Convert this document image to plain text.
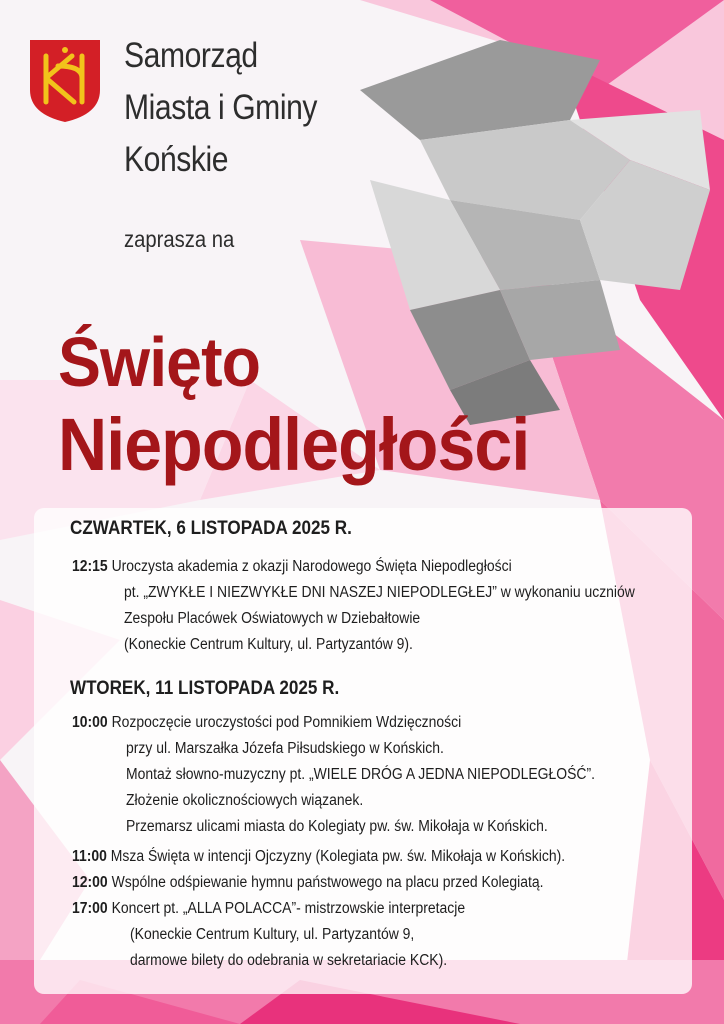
Samorząd
Miasta i Gminy
Końskie
zaprasza na
Święto
Niepodległości
CZWARTEK, 6 LISTOPADA 2025 R.
12:15 Uroczysta akademia z okazji Narodowego Święta Niepodległości
pt. „ZWYKŁE I NIEZWYKŁE DNI NASZEJ NIEPODLEGŁEJ” w wykonaniu uczniów
Zespołu Placówek Oświatowych w Dziebałtowie
(Koneckie Centrum Kultury, ul. Partyzantów 9).
WTOREK, 11 LISTOPADA 2025 R.
10:00 Rozpoczęcie uroczystości pod Pomnikiem Wdzięczności
przy ul. Marszałka Józefa Piłsudskiego w Końskich.
Montaż słowno-muzyczny pt. „WIELE DRÓG A JEDNA NIEPODLEGŁOŚĆ”.
Złożenie okolicznościowych wiązanek.
Przemarsz ulicami miasta do Kolegiaty pw. św. Mikołaja w Końskich.
11:00 Msza Święta w intencji Ojczyzny (Kolegiata pw. św. Mikołaja w Końskich).
12:00 Wspólne odśpiewanie hymnu państwowego na placu przed Kolegiatą.
17:00 Koncert pt. „ALLA POLACCA”- mistrzowskie interpretacje
(Koneckie Centrum Kultury, ul. Partyzantów 9,
darmowe bilety do odebrania w sekretariacie KCK).
